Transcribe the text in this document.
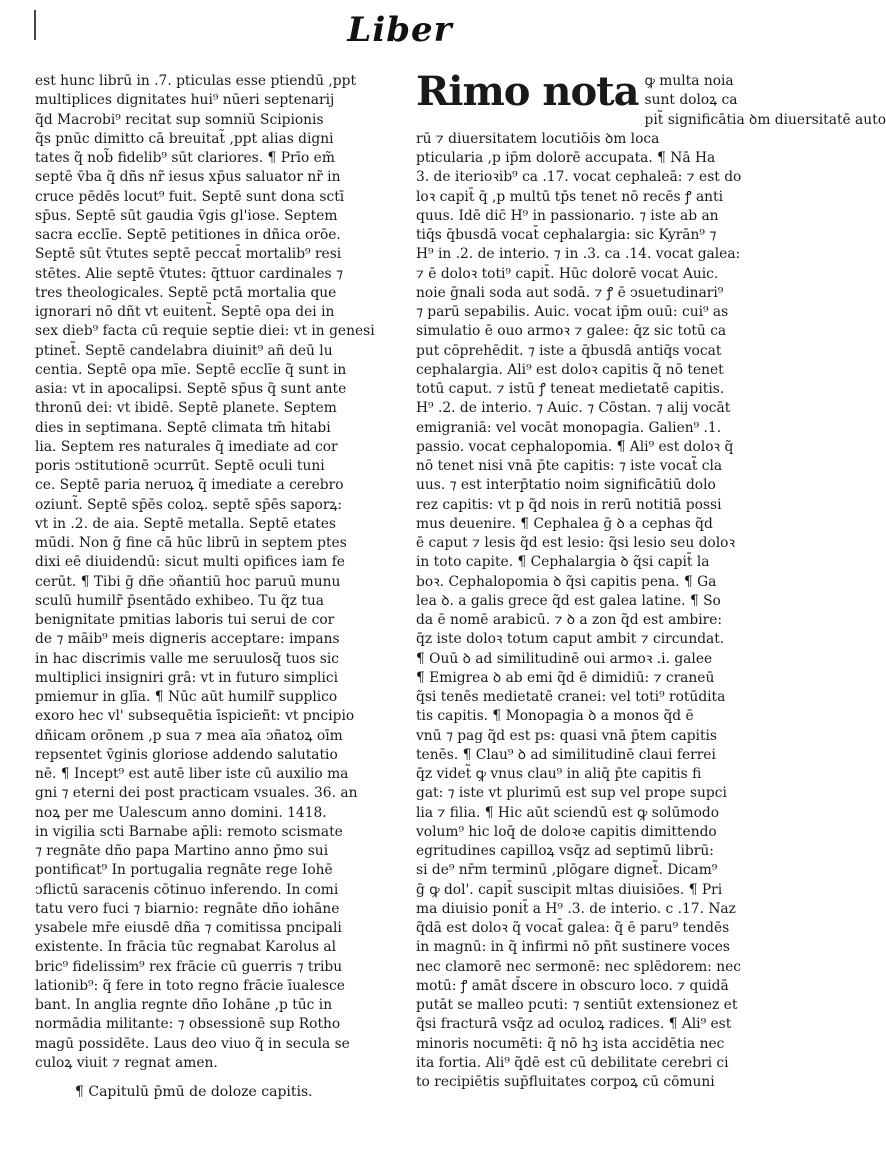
Liber
est hunc librū in .7. pticulas esse ptiendū ,ppt
multiplices dignitates hui⁹ nūeri septenarij
q̃d Macrobi⁹ recitat sup somniū Scipionis
q̃s pnūc dimitto cā breuitat̃ ,ppt alias digni
tates q̃ nob̃ fidelib⁹ sūt clariores. ¶ Prīo em̃
septē v̄ba q̃ dñs nr̃ iesus xp̄us saluator nr̃ in
cruce pēdēs locut⁹ fuit. Septē sunt dona sctī
sp̄us. Septē sūt gaudia v̄gis gl'iose. Septem
sacra ecclīe. Septē petitiones in dñica orōe.
Septē sūt v̄tutes septē peccat̄ mortalib⁹ resi
stētes. Alie septē v̄tutes: q̄ttuor cardinales ⁊
tres theologicales. Septē pctā mortalia que
ignorari nō dñt vt euitent̃. Septē opa dei in
sex dieb⁹ facta cū requie septie diei: vt in genesi
ptinet̃. Septē candelabra diuinit⁹ añ deū lu
centia. Septē opa mīe. Septē ecclīe q̃ sunt in
asia: vt in apocalipsi. Septē sp̄us q̃ sunt ante
thronū dei: vt ibidē. Septē planete. Septem
dies in septimana. Septē climata tm̄ hitabi
lia. Septem res naturales q̃ imediate ad cor
poris ↄstitutionē ↄcurrūt. Septē oculi tuni
ce. Septē paria neruoꝝ q̃ imediate a cerebro
oziunt̃. Septē sp̄ēs coloꝝ. septē sp̄ēs saporꝝ:
vt in .2. de aia. Septē metalla. Septē etates
mūdi. Non ḡ fine cā hūc librū in septem ptes
dixi eē diuidendū: sicut multi opifices iam fe
cerūt. ¶ Tibi ḡ dñe ↄñantiū hoc paruū munu
sculū humilr̃ p̄sentādo exhibeo. Tu q̃z tua
benignitate pmitias laboris tui serui de cor
de ⁊ māib⁹ meis digneris acceptare: impans
in hac discrimis valle me seruulosq̃ tuos sic
multiplici insigniri grā: vt in futuro simplici
pmiemur in glīa. ¶ Nūc aūt humilr̃ supplico
exoro hec vl' subsequētia īspicieñt: vt pncipio
dñicam orōnem ,p sua ⁊ mea aīa ↄñatoꝝ oīm
repsentet v̄ginis gloriose addendo salutatio
nē. ¶ Incept⁹ est autē liber iste cū auxilio ma
gni ⁊ eterni dei post practicam vsuales. 36. an
noꝝ per me Ualescum anno domini. 1418.
in vigilia scti Barnabe ap̄li: remoto scismate
⁊ regnāte dño papa Martino anno p̄mo sui
pontificat⁹ In portugalia regnāte rege Iohē
ↄflictū saracenis cōtinuo inferendo. In comi
tatu vero fuci ⁊ biarnio: regnāte dño iohāne
ysabele mr̄e eiusdē dña ⁊ comitissa pncipali
existente. In frācia tūc regnabat Karolus al
bric⁹ fidelissim⁹ rex frācie cū guerris ⁊ tribu
lationib⁹: q̃ fere in toto regno frācie īualesce
bant. In anglia regnte dño Iohāne ,p tūc in
normādia militante: ⁊ obsessionē sup Rotho
magū possidēte. Laus deo viuo q̃ in secula se
culoꝝ viuit ⁊ regnat amen.
¶ Capitulū p̄mū de doloze capitis.
Rimo nota ꝙ multa noia
sunt doloꝝ ca
pit̃ significātia ꝺm diuersitatē auto
rū ⁊ diuersitatem locutiōis ꝺm loca
pticularia ,p ip̄m dolorē accupata. ¶ Nā Ha
3. de iterioꝛib⁹ ca .17. vocat cephaleā: ⁊ est do
loꝛ capit̄ q̄ ,p multū tp̄s tenet nō recēs ꝭ anti
quus. Idē dic̄ H⁹ in passionario. ⁊ iste ab an
tiq̄s q̄busdā vocat̄ cephalargia: sic Kyrān⁹ ⁊
H⁹ in .2. de interio. ⁊ in .3. ca .14. vocat galea:
⁊ ē doloꝛ toti⁹ capit̄. Hūc dolorē vocat Auic.
noie ḡnali soda aut sodā. ⁊ ꝭ ē ↄsuetudinari⁹
⁊ parū sepabilis. Auic. vocat ip̄m ouū: cui⁹ as
simulatio ē ouo armoꝛ ⁊ galee: q̄z sic totū ca
put cōprehēdit. ⁊ iste a q̄busdā antiq̄s vocat
cephalargia. Ali⁹ est doloꝛ capitis q̃ nō tenet
totū caput. ⁊ istū ꝭ teneat medietatē capitis.
H⁹ .2. de interio. ⁊ Auic. ⁊ Cōstan. ⁊ alij vocāt
emigraniā: vel vocāt monopagia. Galien⁹ .1.
passio. vocat cephalopomia. ¶ Ali⁹ est doloꝛ q̃
nō tenet nisi vnā p̄te capitis: ⁊ iste vocat̃ cla
uus. ⁊ est interp̄tatio noim significātiū dolo
rez capitis: vt p q̃d nois in rerū notitiā possi
mus deuenire. ¶ Cephalea ḡ ꝺ a cephas q̃d
ē caput ⁊ lesis q̃d est lesio: q̃si lesio seu doloꝛ
in toto capite. ¶ Cephalargia ꝺ q̃si capit̄ la
boꝛ. Cephalopomia ꝺ q̃si capitis pena. ¶ Ga
lea ꝺ. a galis grece q̃d est galea latine. ¶ So
da ē nomē arabicū. ⁊ ꝺ a zon q̃d est ambire:
q̄z iste doloꝛ totum caput ambit ⁊ circundat.
¶ Ouū ꝺ ad similitudinē oui armoꝛ .i. galee
¶ Emigrea ꝺ ab emi q̃d ē dimidiū: ⁊ craneū
q̃si tenēs medietatē cranei: vel toti⁹ rotūdita
tis capitis. ¶ Monopagia ꝺ a monos q̃d ē
vnū ⁊ pag q̃d est ps: quasi vnā p̄tem capitis
tenēs. ¶ Clau⁹ ꝺ ad similitudinē claui ferrei
q̄z videt̃ ꝙ vnus clau⁹ in aliq̄ p̄te capitis fi
gat: ⁊ iste vt plurimū est sup vel prope supci
lia ⁊ filia. ¶ Hic aūt sciendū est ꝙ solūmodo
volum⁹ hic loq̄ de doloꝛe capitis dimittendo
egritudines capilloꝝ vsq̄z ad septimū librū:
si de⁹ nr̄m terminū ,plōgare dignet̃. Dicam⁹
ḡ ꝙ dol'. capit̄ suscipit mltas diuisiōes. ¶ Pri
ma diuisio ponit̄ a H⁹ .3. de interio. c .17. Naz
q̃dā est doloꝛ q̃ vocat̄ galea: q̃ ē paru⁹ tendēs
in magnū: in q̃ infirmi nō pñt sustinere voces
nec clamorē nec sermonē: nec splēdorem: nec
motū: ꝭ amāt d̄scere in obscuro loco. ⁊ quidā
putāt se malleo pcuti: ⁊ sentiūt extensionez et
q̃si fracturā vsq̄z ad oculoꝝ radices. ¶ Ali⁹ est
minoris nocumēti: q̃ nō hꝫ ista accidētia nec
ita fortia. Ali⁹ q̃dē est cū debilitate cerebri ci
to recipiētis sup̄fluitates corpoꝝ cū cōmuni
